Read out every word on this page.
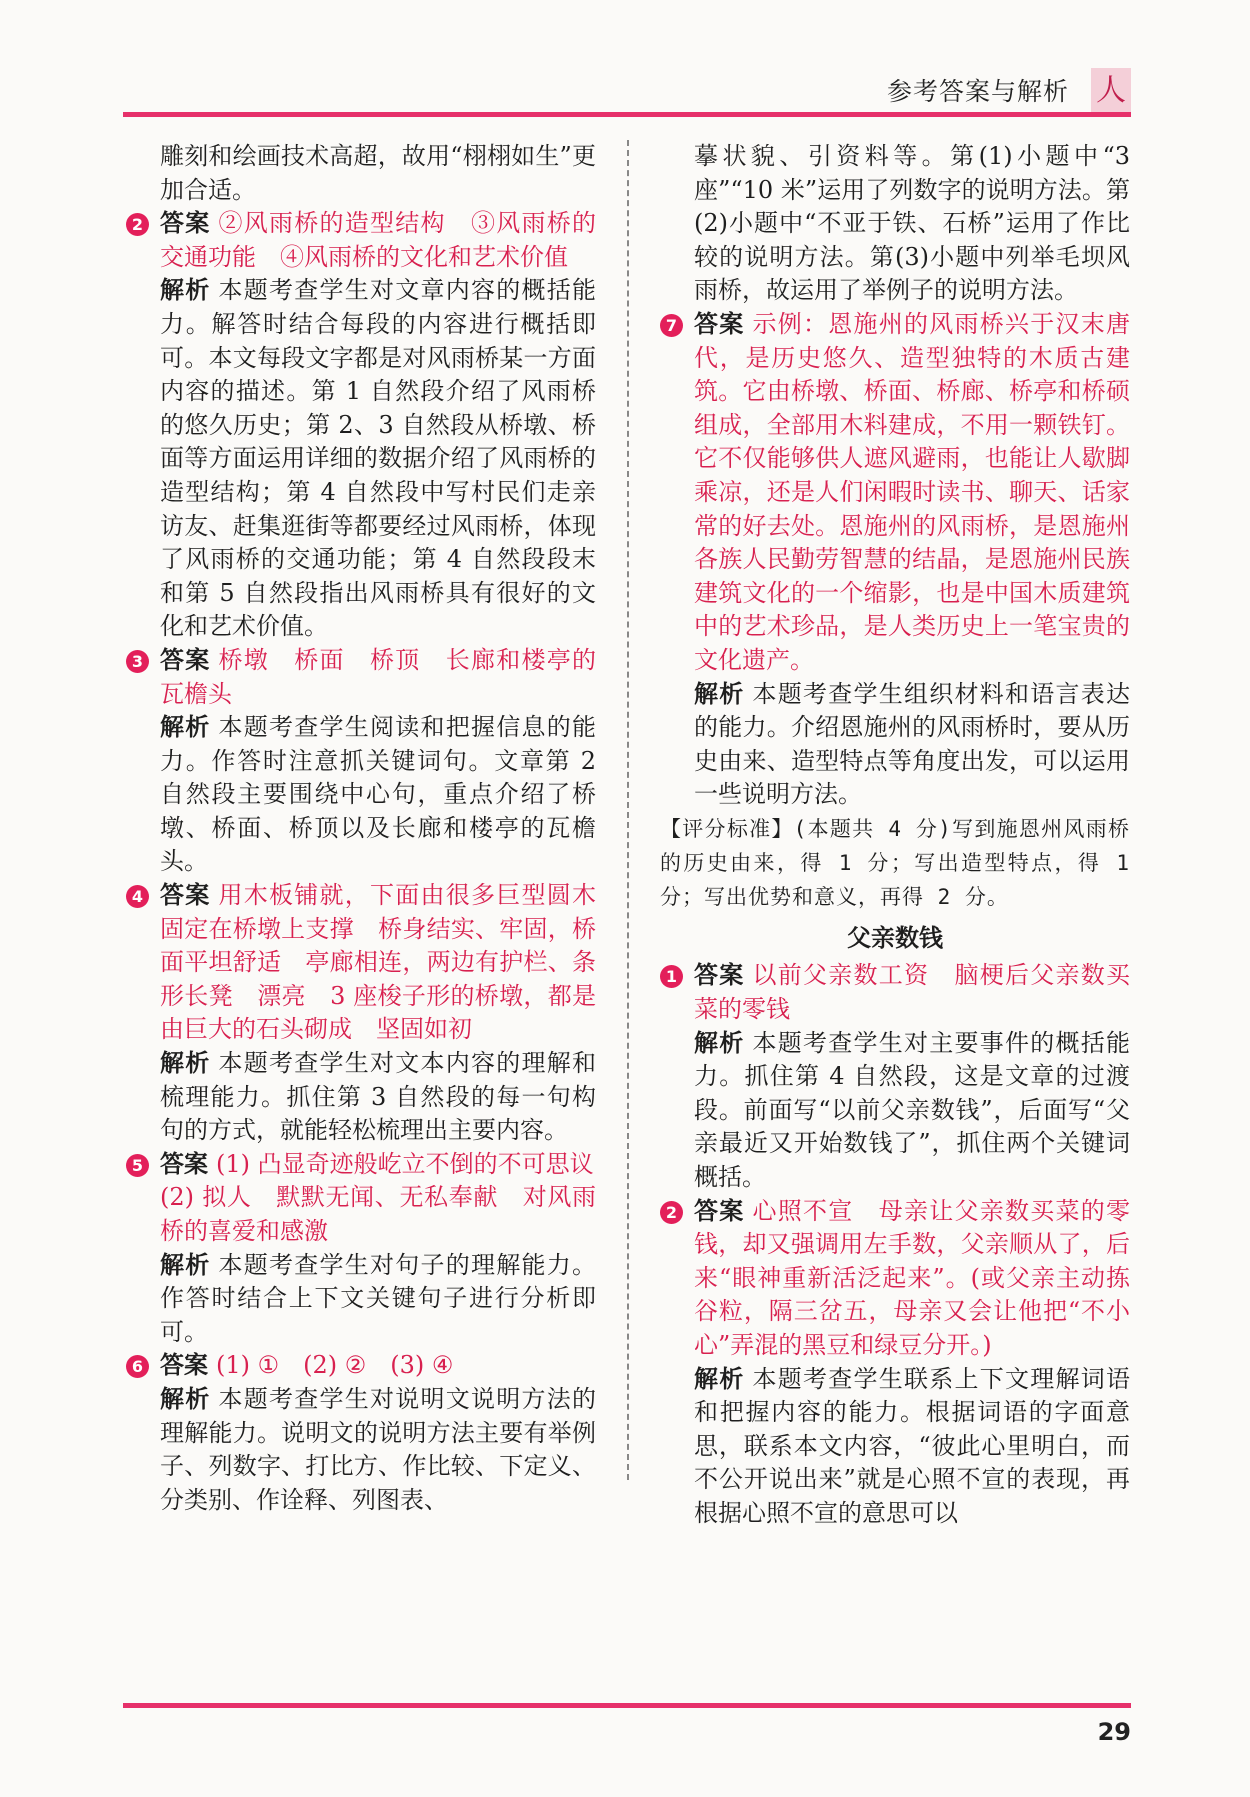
参考答案与解析 人

雕刻和绘画技术高超，故用“栩栩如生”更加合适。

2 答案 ②风雨桥的造型结构　③风雨桥的交通功能　④风雨桥的文化和艺术价值

解析 本题考查学生对文章内容的概括能力。解答时结合每段的内容进行概括即可。本文每段文字都是对风雨桥某一方面内容的描述。第 1 自然段介绍了风雨桥的悠久历史；第 2、3 自然段从桥墩、桥面等方面运用详细的数据介绍了风雨桥的造型结构；第 4 自然段中写村民们走亲访友、赶集逛街等都要经过风雨桥，体现了风雨桥的交通功能；第 4 自然段段末和第 5 自然段指出风雨桥具有很好的文化和艺术价值。

3 答案 桥墩　桥面　桥顶　长廊和楼亭的瓦檐头

解析 本题考查学生阅读和把握信息的能力。作答时注意抓关键词句。文章第 2 自然段主要围绕中心句，重点介绍了桥墩、桥面、桥顶以及长廊和楼亭的瓦檐头。

4 答案 用木板铺就，下面由很多巨型圆木固定在桥墩上支撑　桥身结实、牢固，桥面平坦舒适　亭廊相连，两边有护栏、条形长凳　漂亮　3 座梭子形的桥墩，都是由巨大的石头砌成　坚固如初

解析 本题考查学生对文本内容的理解和梳理能力。抓住第 3 自然段的每一句构句的方式，就能轻松梳理出主要内容。

5 答案 (1) 凸显奇迹般屹立不倒的不可思议

(2) 拟人　默默无闻、无私奉献　对风雨桥的喜爱和感激

解析 本题考查学生对句子的理解能力。作答时结合上下文关键句子进行分析即可。

6 答案 (1) ①　(2) ②　(3) ④

解析 本题考查学生对说明文说明方法的理解能力。说明文的说明方法主要有举例子、列数字、打比方、作比较、下定义、分类别、作诠释、列图表、

摹状貌、引资料等。第(1)小题中“3 座”“10 米”运用了列数字的说明方法。第(2)小题中“不亚于铁、石桥”运用了作比较的说明方法。第(3)小题中列举毛坝风雨桥，故运用了举例子的说明方法。

7 答案 示例：恩施州的风雨桥兴于汉末唐代，是历史悠久、造型独特的木质古建筑。它由桥墩、桥面、桥廊、桥亭和桥硕组成，全部用木料建成，不用一颗铁钉。它不仅能够供人遮风避雨，也能让人歇脚乘凉，还是人们闲暇时读书、聊天、话家常的好去处。恩施州的风雨桥，是恩施州各族人民勤劳智慧的结晶，是恩施州民族建筑文化的一个缩影，也是中国木质建筑中的艺术珍品，是人类历史上一笔宝贵的文化遗产。

解析 本题考查学生组织材料和语言表达的能力。介绍恩施州的风雨桥时，要从历史由来、造型特点等角度出发，可以运用一些说明方法。

【评分标准】(本题共 4 分)写到施恩州风雨桥的历史由来，得 1 分；写出造型特点，得 1 分；写出优势和意义，再得 2 分。

父亲数钱
1 答案 以前父亲数工资　脑梗后父亲数买菜的零钱

解析 本题考查学生对主要事件的概括能力。抓住第 4 自然段，这是文章的过渡段。前面写“以前父亲数钱”，后面写“父亲最近又开始数钱了”，抓住两个关键词概括。

2 答案 心照不宣　母亲让父亲数买菜的零钱，却又强调用左手数，父亲顺从了，后来“眼神重新活泛起来”。(或父亲主动拣谷粒，隔三岔五，母亲又会让他把“不小心”弄混的黑豆和绿豆分开。)

解析 本题考查学生联系上下文理解词语和把握内容的能力。根据词语的字面意思，联系本文内容，“彼此心里明白，而不公开说出来”就是心照不宣的表现，再根据心照不宣的意思可以

29
